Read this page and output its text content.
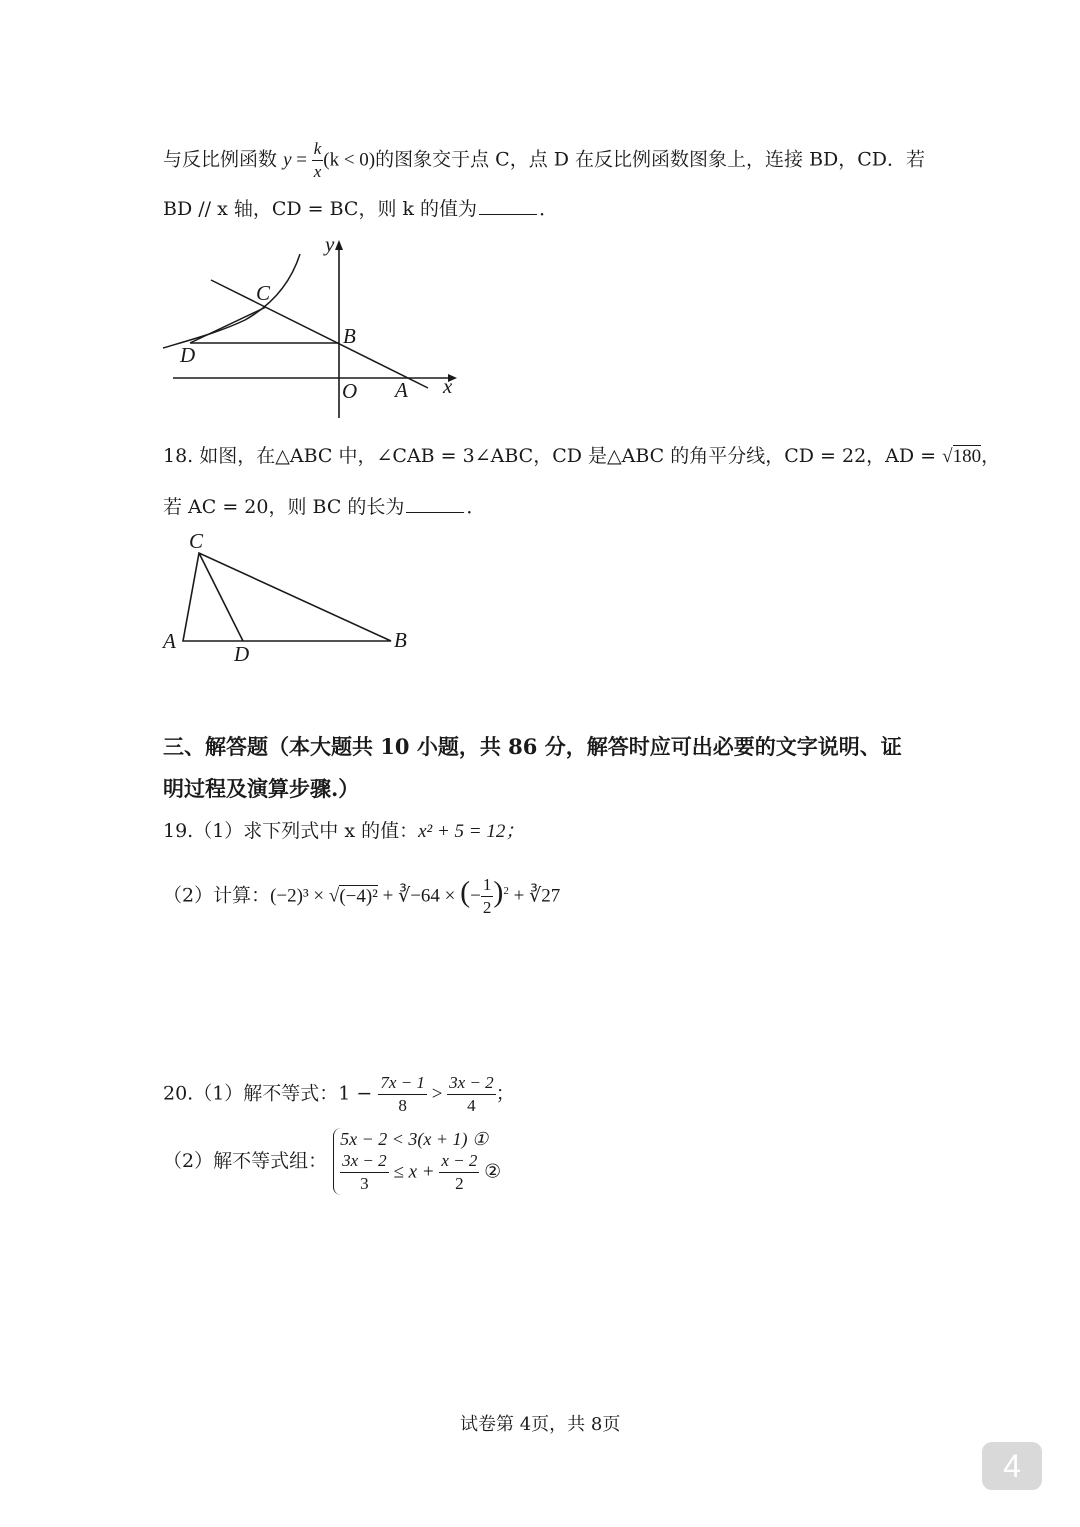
与反比例函数 $y = \frac{k}{x} (k < 0)$的图象交于点 C，点 D 在反比例函数图象上，连接 BD，CD．若
BD // x 轴，CD = BC，则 k 的值为	．
y
C
B
D
O A x
C
A
D
B
18. 如图，在△ABC 中，∠CAB = 3∠ABC，CD 是△ABC 的角平分线，CD = 22，AD = √180，
若 AC = 20，则 BC 的长为	．
三、解答题（本大题共 10 小题，共 86 分，解答时应可出必要的文字说明、证
明过程及演算步骤.）
19.（1）求下列式中 x 的值：x² + 5 = 12；
（2）计算：(−2)³ × √(−4)² + ∛−64 × (− $\frac{1}{2} )^2$ + ∛27
20.（1）解不等式：$1 - \frac{7x - 1}{8} > \frac{3x - 2}{4}$ ；
（2）解不等式组：
5x − 2 < 3(x + 1) ①
$\frac{3x - 2}{3} \le x + \frac{x - 2}{2}$ ②
试卷第 4页，共 8页
4
